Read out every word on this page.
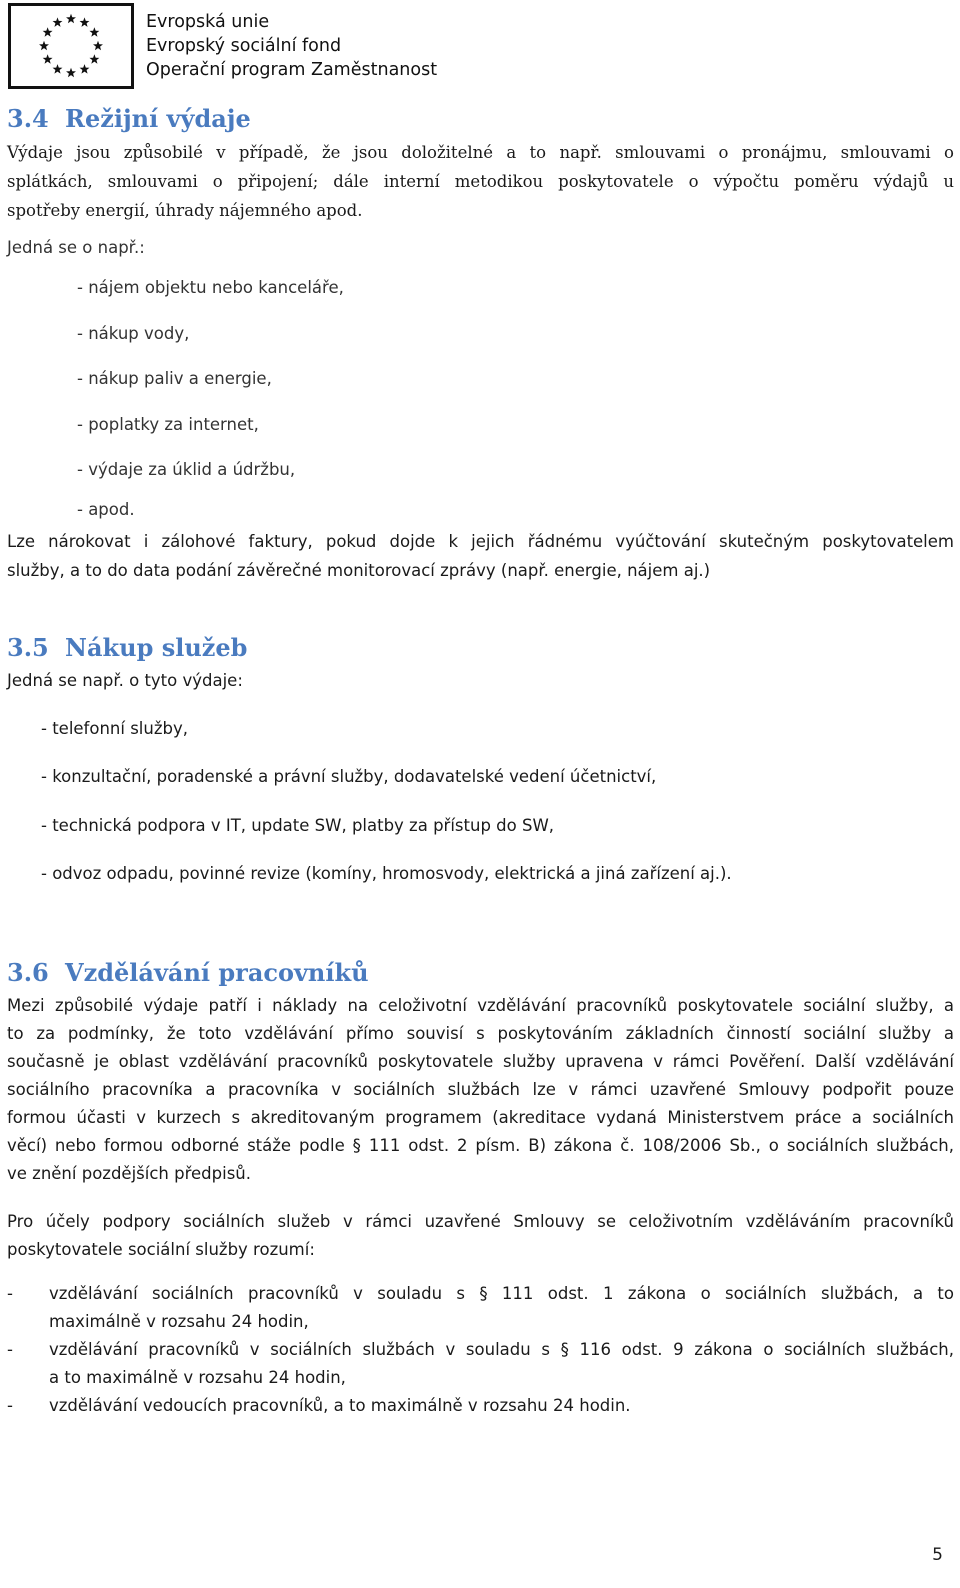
Evropská unie
Evropský sociální fond
Operační program Zaměstnanost
3.4 Režijní výdaje

Výdaje jsou způsobilé v případě, že jsou doložitelné a to např. smlouvami o pronájmu, smlouvami o

splátkách, smlouvami o připojení; dále interní metodikou poskytovatele o výpočtu poměru výdajů u

spotřeby energií, úhrady nájemného apod.

Jedná se o např.:

- nájem objektu nebo kanceláře,
- nákup vody,
- nákup paliv a energie,
- poplatky za internet,
- výdaje za úklid a údržbu,
- apod.

Lze nárokovat i zálohové faktury, pokud dojde k jejich řádnému vyúčtování skutečným poskytovatelem

služby, a to do data podání závěrečné monitorovací zprávy (např. energie, nájem aj.)

3.5 Nákup služeb

Jedná se např. o tyto výdaje:

- telefonní služby,
- konzultační, poradenské a právní služby, dodavatelské vedení účetnictví,
- technická podpora v IT, update SW, platby za přístup do SW,
- odvoz odpadu, povinné revize (komíny, hromosvody, elektrická a jiná zařízení aj.).
3.6 Vzdělávání pracovníků

Mezi způsobilé výdaje patří i náklady na celoživotní vzdělávání pracovníků poskytovatele sociální služby, a

to za podmínky, že toto vzdělávání přímo souvisí s poskytováním základních činností sociální služby a

současně je oblast vzdělávání pracovníků poskytovatele služby upravena v rámci Pověření. Další vzdělávání

sociálního pracovníka a pracovníka v sociálních službách lze v rámci uzavřené Smlouvy podpořit pouze

formou účasti v kurzech s akreditovaným programem (akreditace vydaná Ministerstvem práce a sociálních

věcí) nebo formou odborné stáže podle § 111 odst. 2 písm. B) zákona č. 108/2006 Sb., o sociálních službách,

ve znění pozdějších předpisů.

Pro účely podpory sociálních služeb v rámci uzavřené Smlouvy se celoživotním vzděláváním pracovníků

poskytovatele sociální služby rozumí:

-	vzdělávání sociálních pracovníků v souladu s § 111 odst. 1 zákona o sociálních službách, a to
maximálně v rozsahu 24 hodin,
-	vzdělávání pracovníků v sociálních službách v souladu s § 116 odst. 9 zákona o sociálních službách,
a to maximálně v rozsahu 24 hodin,
-	vzdělávání vedoucích pracovníků, a to maximálně v rozsahu 24 hodin.
5
